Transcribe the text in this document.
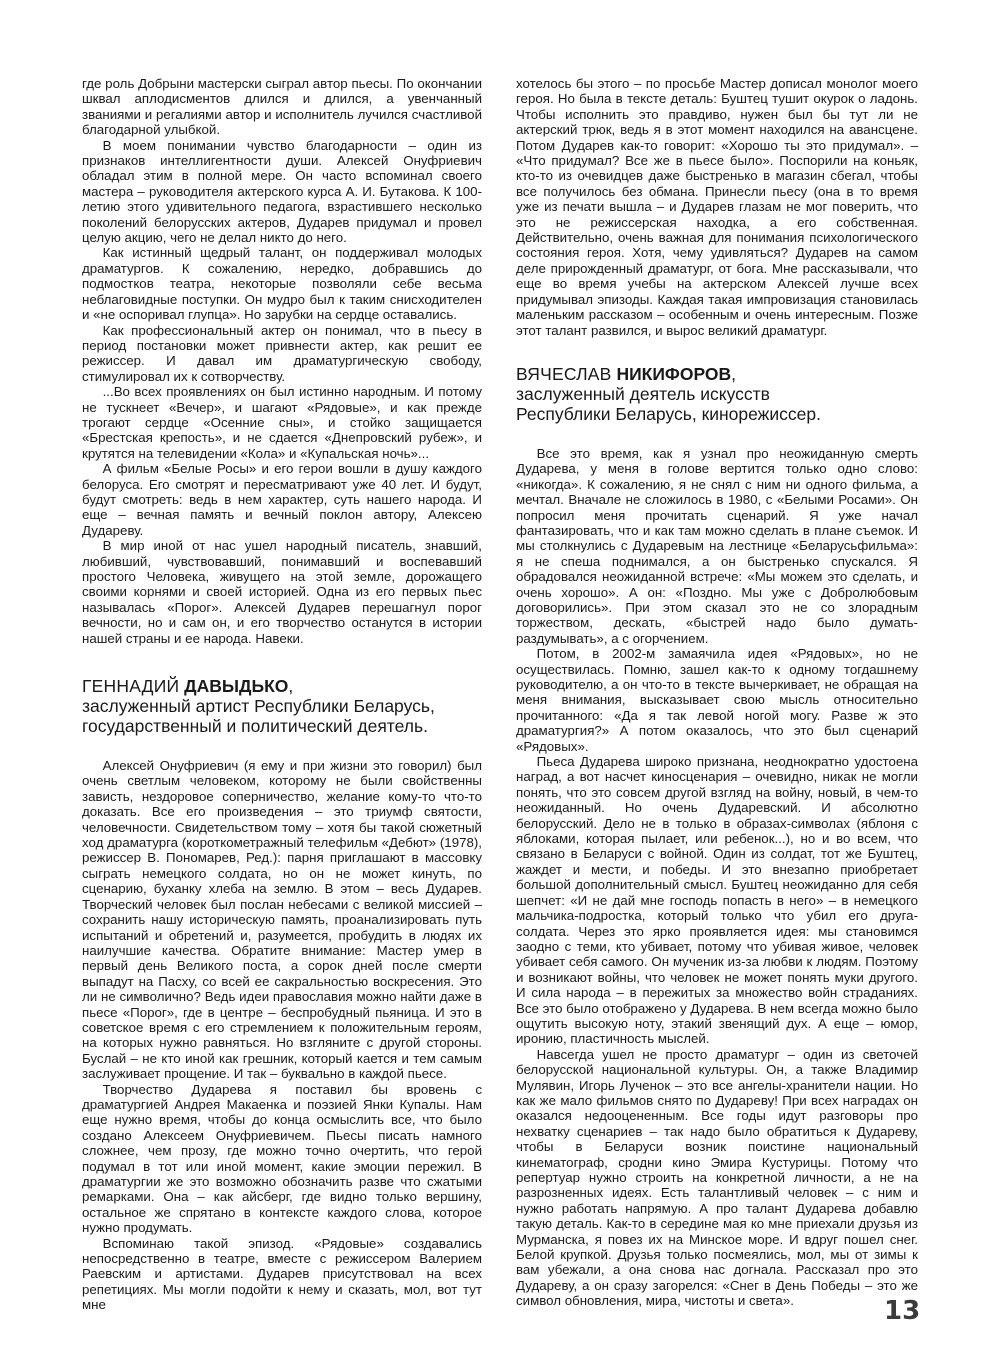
где роль Добрыни мастерски сыграл автор пьесы. По окончании шквал аплодисментов длился и длился, а увенчанный званиями и регалиями автор и исполнитель лучился счастливой благодарной улыбкой.

В моем понимании чувство благодарности – один из признаков интеллигентности души. Алексей Онуфриевич обладал этим в полной мере. Он часто вспоминал своего мастера – руководителя актерского курса А. И. Бутакова. К 100-летию этого удивительного педагога, взрастившего несколько поколений белорусских актеров, Дударев придумал и провел целую акцию, чего не делал никто до него.

Как истинный щедрый талант, он поддерживал молодых драматургов. К сожалению, нередко, добравшись до подмостков театра, некоторые позволяли себе весьма неблаговидные поступки. Он мудро был к таким снисходителен и «не оспоривал глупца». Но зарубки на сердце оставались.

Как профессиональный актер он понимал, что в пьесу в период постановки может привнести актер, как решит ее режиссер. И давал им драматургическую свободу, стимулировал их к сотворчеству.

...Во всех проявлениях он был истинно народным. И потому не тускнеет «Вечер», и шагают «Рядовые», и как прежде трогают сердце «Осенние сны», и стойко защищается «Брестская крепость», и не сдается «Днепровский рубеж», и крутятся на телевидении «Кола» и «Купальская ночь»...

А фильм «Белые Росы» и его герои вошли в душу каждого белоруса. Его смотрят и пересматривают уже 40 лет. И будут, будут смотреть: ведь в нем характер, суть нашего народа. И еще – вечная память и вечный поклон автору, Алексею Дудареву.

В мир иной от нас ушел народный писатель, знавший, любивший, чувствовавший, понимавший и воспевавший простого Человека, живущего на этой земле, дорожащего своими корнями и своей историей. Одна из его первых пьес называлась «Порог». Алексей Дударев перешагнул порог вечности, но и сам он, и его творчество останутся в истории нашей страны и ее народа. Навеки.

ГЕННАДИЙ ДАВЫДЬКО,
заслуженный артист Республики Беларусь,
государственный и политический деятель.

Алексей Онуфриевич (я ему и при жизни это говорил) был очень светлым человеком, которому не были свойственны зависть, нездоровое соперничество, желание кому-то что-то доказать. Все его произведения – это триумф святости, человечности. Свидетельством тому – хотя бы такой сюжетный ход драматурга (короткометражный телефильм «Дебют» (1978), режиссер В. Пономарев, Ред.): парня приглашают в массовку сыграть немецкого солдата, но он не может кинуть, по сценарию, буханку хлеба на землю. В этом – весь Дударев. Творческий человек был послан небесами с великой миссией – сохранить нашу историческую память, проанализировать путь испытаний и обретений и, разумеется, пробудить в людях их наилучшие качества. Обратите внимание: Мастер умер в первый день Великого поста, а сорок дней после смерти выпадут на Пасху, со всей ее сакральностью воскресения. Это ли не символично? Ведь идеи православия можно найти даже в пьесе «Порог», где в центре – беспробудный пьяница. И это в советское время с его стремлением к положительным героям, на которых нужно равняться. Но взгляните с другой стороны. Буслай – не кто иной как грешник, который кается и тем самым заслуживает прощение. И так – буквально в каждой пьесе.

Творчество Дударева я поставил бы вровень с драматургией Андрея Макаенка и поэзией Янки Купалы. Нам еще нужно время, чтобы до конца осмыслить все, что было создано Алексеем Онуфриевичем. Пьесы писать намного сложнее, чем прозу, где можно точно очертить, что герой подумал в тот или иной момент, какие эмоции пережил. В драматургии же это возможно обозначить разве что сжатыми ремарками. Она – как айсберг, где видно только вершину, остальное же спрятано в контексте каждого слова, которое нужно продумать.

Вспоминаю такой эпизод. «Рядовые» создавались непосредственно в театре, вместе с режиссером Валерием Раевским и артистами. Дударев присутствовал на всех репетициях. Мы могли подойти к нему и сказать, мол, вот тут мне

хотелось бы этого – по просьбе Мастер дописал монолог моего героя. Но была в тексте деталь: Буштец тушит окурок о ладонь. Чтобы исполнить это правдиво, нужен был бы тут ли не актерский трюк, ведь я в этот момент находился на авансцене. Потом Дударев как-то говорит: «Хорошо ты это придумал». – «Что придумал? Все же в пьесе было». Поспорили на коньяк, кто-то из очевидцев даже быстренько в магазин сбегал, чтобы все получилось без обмана. Принесли пьесу (она в то время уже из печати вышла – и Дударев глазам не мог поверить, что это не режиссерская находка, а его собственная. Действительно, очень важная для понимания психологического состояния героя. Хотя, чему удивляться? Дударев на самом деле прирожденный драматург, от бога. Мне рассказывали, что еще во время учебы на актерском Алексей лучше всех придумывал эпизоды. Каждая такая импровизация становилась маленьким рассказом – особенным и очень интересным. Позже этот талант развился, и вырос великий драматург.

ВЯЧЕСЛАВ НИКИФОРОВ,
заслуженный деятель искусств
Республики Беларусь, кинорежиссер.

Все это время, как я узнал про неожиданную смерть Дударева, у меня в голове вертится только одно слово: «никогда». К сожалению, я не снял с ним ни одного фильма, а мечтал. Вначале не сложилось в 1980, с «Белыми Росами». Он попросил меня прочитать сценарий. Я уже начал фантазировать, что и как там можно сделать в плане съемок. И мы столкнулись с Дударевым на лестнице «Беларусьфильма»: я не спеша поднимался, а он быстренько спускался. Я обрадовался неожиданной встрече: «Мы можем это сделать, и очень хорошо». А он: «Поздно. Мы уже с Добролюбовым договорились». При этом сказал это не со злорадным торжеством, дескать, «быстрей надо было думать-раздумывать», а с огорчением.

Потом, в 2002-м замаячила идея «Рядовых», но не осуществилась. Помню, зашел как-то к одному тогдашнему руководителю, а он что-то в тексте вычеркивает, не обращая на меня внимания, высказывает свою мысль относительно прочитанного: «Да я так левой ногой могу. Разве ж это драматургия?» А потом оказалось, что это был сценарий «Рядовых».

Пьеса Дударева широко признана, неоднократно удостоена наград, а вот насчет киносценария – очевидно, никак не могли понять, что это совсем другой взгляд на войну, новый, в чем-то неожиданный. Но очень Дударевский. И абсолютно белорусский. Дело не в только в образах-символах (яблоня с яблоками, которая пылает, или ребенок...), но и во всем, что связано в Беларуси с войной. Один из солдат, тот же Буштец, жаждет и мести, и победы. И это внезапно приобретает большой дополнительный смысл. Буштец неожиданно для себя шепчет: «И не дай мне господь попасть в него» – в немецкого мальчика-подростка, который только что убил его друга-солдата. Через это ярко проявляется идея: мы становимся заодно с теми, кто убивает, потому что убивая живое, человек убивает себя самого. Он мученик из-за любви к людям. Поэтому и возникают войны, что человек не может понять муки другого. И сила народа – в пережитых за множество войн страданиях. Все это было отображено у Дударева. В нем всегда можно было ощутить высокую ноту, этакий звенящий дух. А еще – юмор, иронию, пластичность мыслей.

Навсегда ушел не просто драматург – один из светочей белорусской национальной культуры. Он, а также Владимир Мулявин, Игорь Лученок – это все ангелы-хранители нации. Но как же мало фильмов снято по Дудареву! При всех наградах он оказался недооцененным. Все годы идут разговоры про нехватку сценариев – так надо было обратиться к Дудареву, чтобы в Беларуси возник поистине национальный кинематограф, сродни кино Эмира Кустурицы. Потому что репертуар нужно строить на конкретной личности, а не на разрозненных идеях. Есть талантливый человек – с ним и нужно работать напрямую. А про талант Дударева добавлю такую деталь. Как-то в середине мая ко мне приехали друзья из Мурманска, я повез их на Минское море. И вдруг пошел снег. Белой крупкой. Друзья только посмеялись, мол, мы от зимы к вам убежали, а она снова нас догнала. Рассказал про это Дудареву, а он сразу загорелся: «Снег в День Победы – это же символ обновления, мира, чистоты и света».	13
